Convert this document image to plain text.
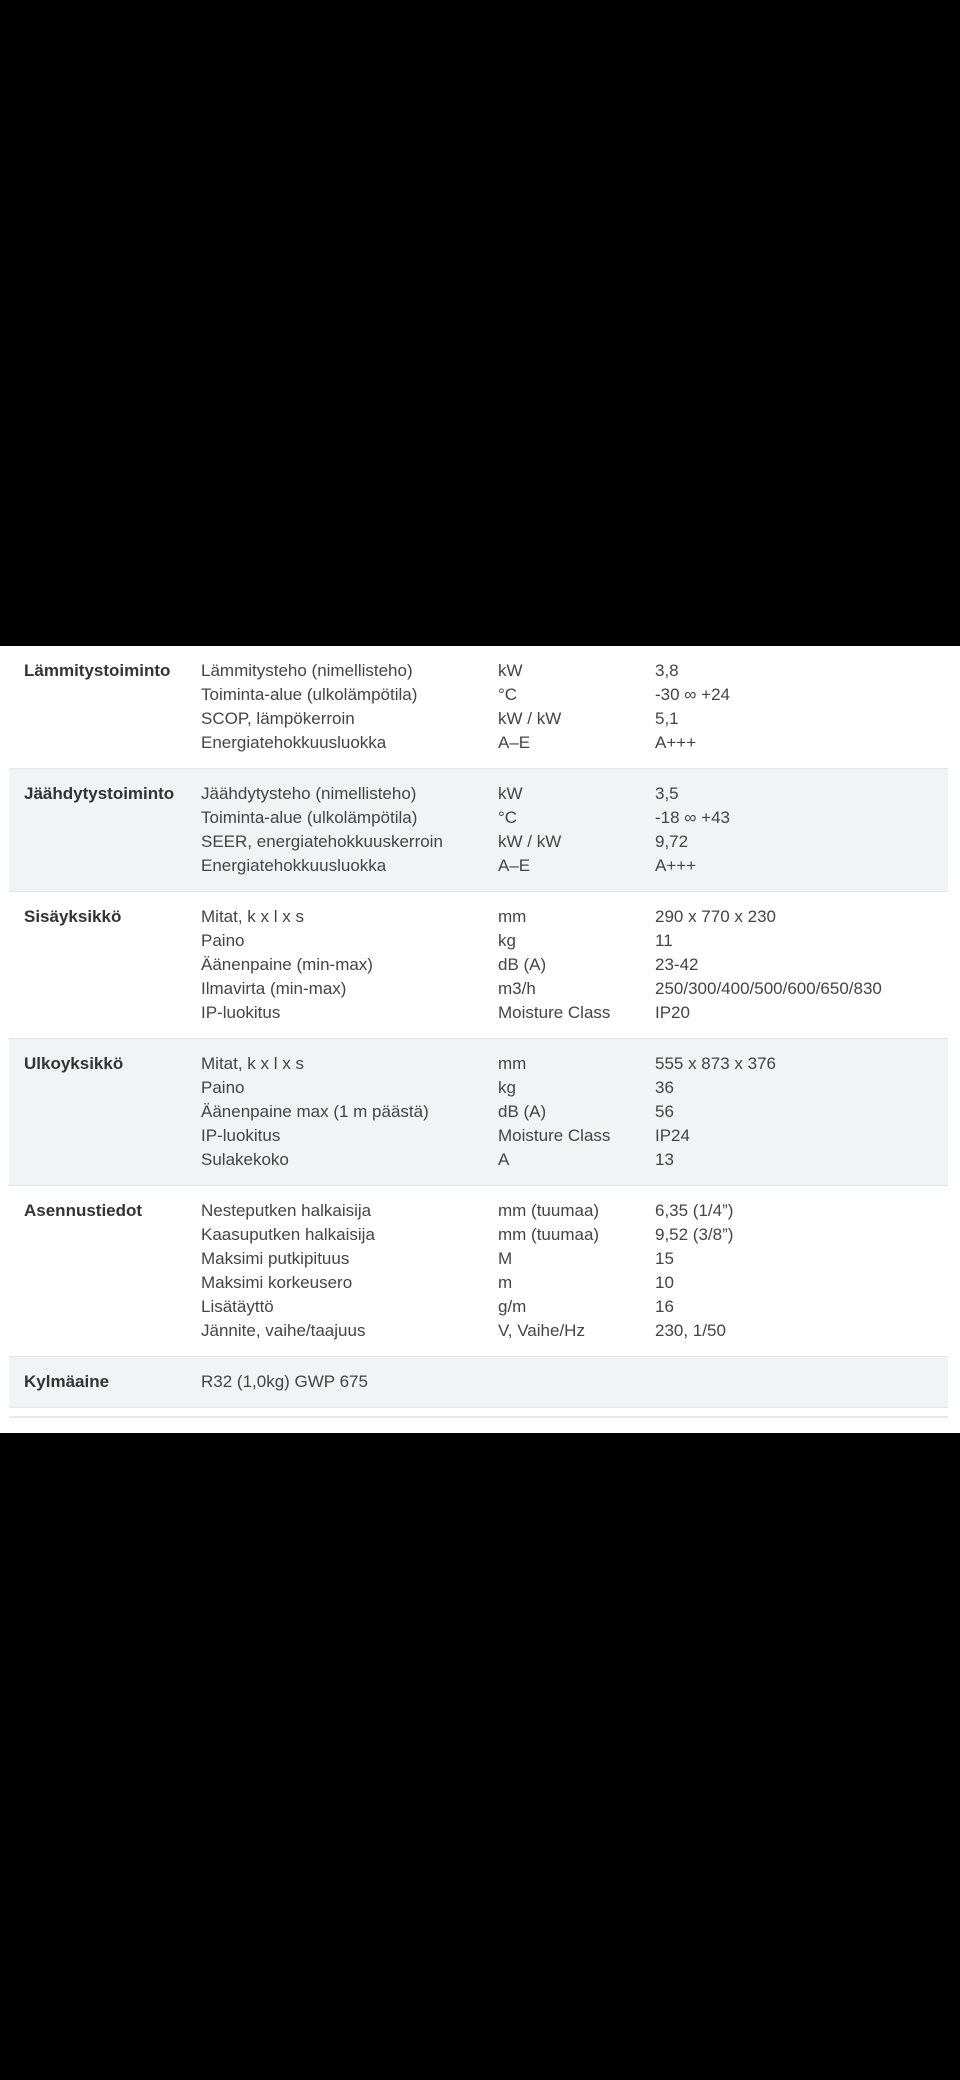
Lämmitystoiminto	Lämmitysteho (nimellisteho)	kW	3,8
Toiminta-alue (ulkolämpötila)	°C	-30 ∞ +24
SCOP, lämpökerroin	kW / kW	5,1
Energiatehokkuusluokka	A–E	A+++
Jäähdytystoiminto	Jäähdytysteho (nimellisteho)	kW	3,5
Toiminta-alue (ulkolämpötila)	°C	-18 ∞ +43
SEER, energiatehokkuuskerroin	kW / kW	9,72
Energiatehokkuusluokka	A–E	A+++
Sisäyksikkö	Mitat, k x l x s	mm	290 x 770 x 230
Paino	kg	11
Äänenpaine (min-max)	dB (A)	23-42
Ilmavirta (min-max)	m3/h	250/300/400/500/600/650/830
IP-luokitus	Moisture Class	IP20
Ulkoyksikkö	Mitat, k x l x s	mm	555 x 873 x 376
Paino	kg	36
Äänenpaine max (1 m päästä)	dB (A)	56
IP-luokitus	Moisture Class	IP24
Sulakekoko	A	13
Asennustiedot	Nesteputken halkaisija	mm (tuumaa)	6,35 (1/4”)
Kaasuputken halkaisija	mm (tuumaa)	9,52 (3/8”)
Maksimi putkipituus	M	15
Maksimi korkeusero	m	10
Lisätäyttö	g/m	16
Jännite, vaihe/taajuus	V, Vaihe/Hz	230, 1/50
Kylmäaine	R32 (1,0kg) GWP 675
